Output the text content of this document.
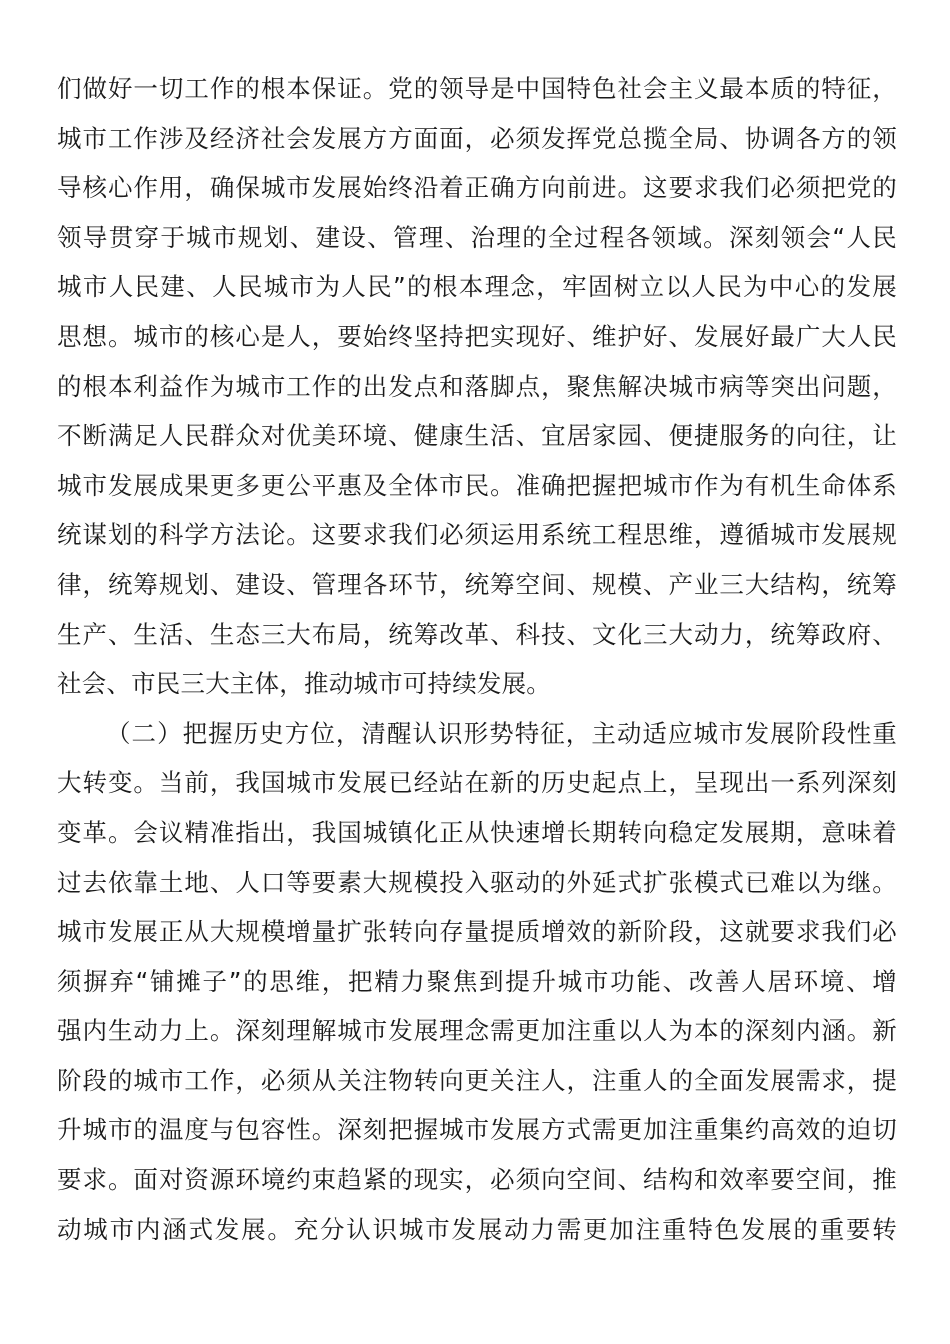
们做好一切工作的根本保证。党的领导是中国特色社会主义最本质的特征，
城市工作涉及经济社会发展方方面面，必须发挥党总揽全局、协调各方的领
导核心作用，确保城市发展始终沿着正确方向前进。这要求我们必须把党的
领导贯穿于城市规划、建设、管理、治理的全过程各领域。深刻领会“人民
城市人民建、人民城市为人民”的根本理念，牢固树立以人民为中心的发展
思想。城市的核心是人，要始终坚持把实现好、维护好、发展好最广大人民
的根本利益作为城市工作的出发点和落脚点，聚焦解决城市病等突出问题，
不断满足人民群众对优美环境、健康生活、宜居家园、便捷服务的向往，让
城市发展成果更多更公平惠及全体市民。准确把握把城市作为有机生命体系
统谋划的科学方法论。这要求我们必须运用系统工程思维，遵循城市发展规
律，统筹规划、建设、管理各环节，统筹空间、规模、产业三大结构，统筹
生产、生活、生态三大布局，统筹改革、科技、文化三大动力，统筹政府、
社会、市民三大主体，推动城市可持续发展。
（二）把握历史方位，清醒认识形势特征，主动适应城市发展阶段性重
大转变。当前，我国城市发展已经站在新的历史起点上，呈现出一系列深刻
变革。会议精准指出，我国城镇化正从快速增长期转向稳定发展期，意味着
过去依靠土地、人口等要素大规模投入驱动的外延式扩张模式已难以为继。
城市发展正从大规模增量扩张转向存量提质增效的新阶段，这就要求我们必
须摒弃“铺摊子”的思维，把精力聚焦到提升城市功能、改善人居环境、增
强内生动力上。深刻理解城市发展理念需更加注重以人为本的深刻内涵。新
阶段的城市工作，必须从关注物转向更关注人，注重人的全面发展需求，提
升城市的温度与包容性。深刻把握城市发展方式需更加注重集约高效的迫切
要求。面对资源环境约束趋紧的现实，必须向空间、结构和效率要空间，推
动城市内涵式发展。充分认识城市发展动力需更加注重特色发展的重要转
